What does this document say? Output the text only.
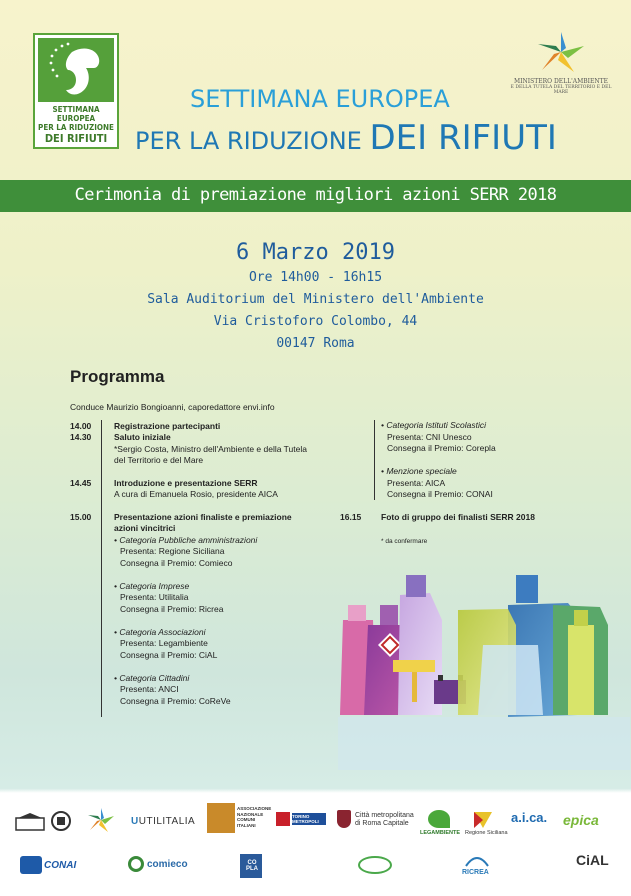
SETTIMANA EUROPEA
PER LA RIDUZIONE
DEI RIFIUTI
MINISTERO DELL'AMBIENTE
E DELLA TUTELA DEL TERRITORIO E DEL MARE
SETTIMANA EUROPEA
PER LA RIDUZIONE DEI RIFIUTI
Cerimonia di premiazione migliori azioni SERR 2018
6 Marzo 2019
Ore 14h00 - 16h15
Sala Auditorium del Ministero dell'Ambiente
Via Cristoforo Colombo, 44
00147 Roma
Programma
Conduce Maurizio Bongioanni, caporedattore envi.info
14.00	Registrazione partecipanti
14.30	Saluto iniziale
*Sergio Costa, Ministro dell'Ambiente e della Tutela
del Territorio e del Mare
14.45	Introduzione e presentazione SERR
A cura di Emanuela Rosio, presidente AICA
15.00	Presentazione azioni finaliste e premiazione
azioni vincitrici
• Categoria Pubbliche amministrazioni
Presenta: Regione Siciliana
Consegna il Premio: Comieco
• Categoria Imprese
Presenta: Utilitalia
Consegna il Premio: Ricrea
• Categoria Associazioni
Presenta: Legambiente
Consegna il Premio: CiAL
• Categoria Cittadini
Presenta: ANCI
Consegna il Premio: CoReVe
• Categoria Istituti Scolastici
Presenta: CNI Unesco
Consegna il Premio: Corepla
• Menzione speciale
Presenta: AICA
Consegna il Premio: CONAI
16.15 Foto di gruppo dei finalisti SERR 2018
* da confermare
UUTILITALIA
ASSOCIAZIONE NAZIONALE COMUNI ITALIANI
TORINO METROPOLI
Città metropolitana
di Roma Capitale
LEGAMBIENTE Regione Siciliana
a.i.ca. epica
CONAI	comieco	CO PLA	RICREA
CiAL
